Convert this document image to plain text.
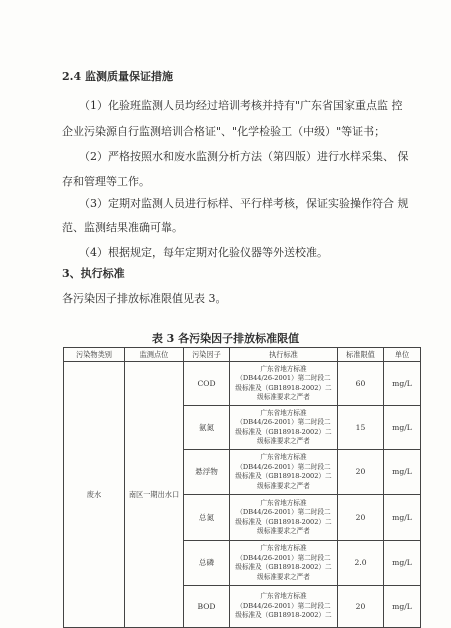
2.4 监测质量保证措施
（1）化验班监测人员均经过培训考核并持有"广东省国家重点监 控
企业污染源自行监测培训合格证"、"化学检验工（中级）"等证书；
（2）严格按照水和废水监测分析方法（第四版）进行水样采集、 保
存和管理等工作。
（3）定期对监测人员进行标样、平行样考核，保证实验操作符合 规
范、监测结果准确可靠。
（4）根据规定，每年定期对化验仪器等外送校准。
3、执行标准
各污染因子排放标准限值见表 3。
表 3 各污染因子排放标准限值
污染物类别	监测点位	污染因子	执行标准	标准限值	单位
废水	南区一期出水口	COD	广东省地方标准
（DB44/26-2001）第二时段二
级标准及（GB18918-2002）二
级标准要求之严者	60	mg/L
		氨氮	广东省地方标准
（DB44/26-2001）第二时段二
级标准及（GB18918-2002）二
级标准要求之严者	15	mg/L
		悬浮物	广东省地方标准
（DB44/26-2001）第二时段二
级标准及（GB18918-2002）二
级标准要求之严者	20	mg/L
		总氮	广东省地方标准
（DB44/26-2001）第二时段二
级标准及（GB18918-2002）二
级标准要求之严者	20	mg/L
		总磷	广东省地方标准
（DB44/26-2001）第二时段二
级标准及（GB18918-2002）二
级标准要求之严者	2.0	mg/L
		BOD	广东省地方标准
（DB44/26-2001）第二时段二
级标准及（GB18918-2002）二	20	mg/L
